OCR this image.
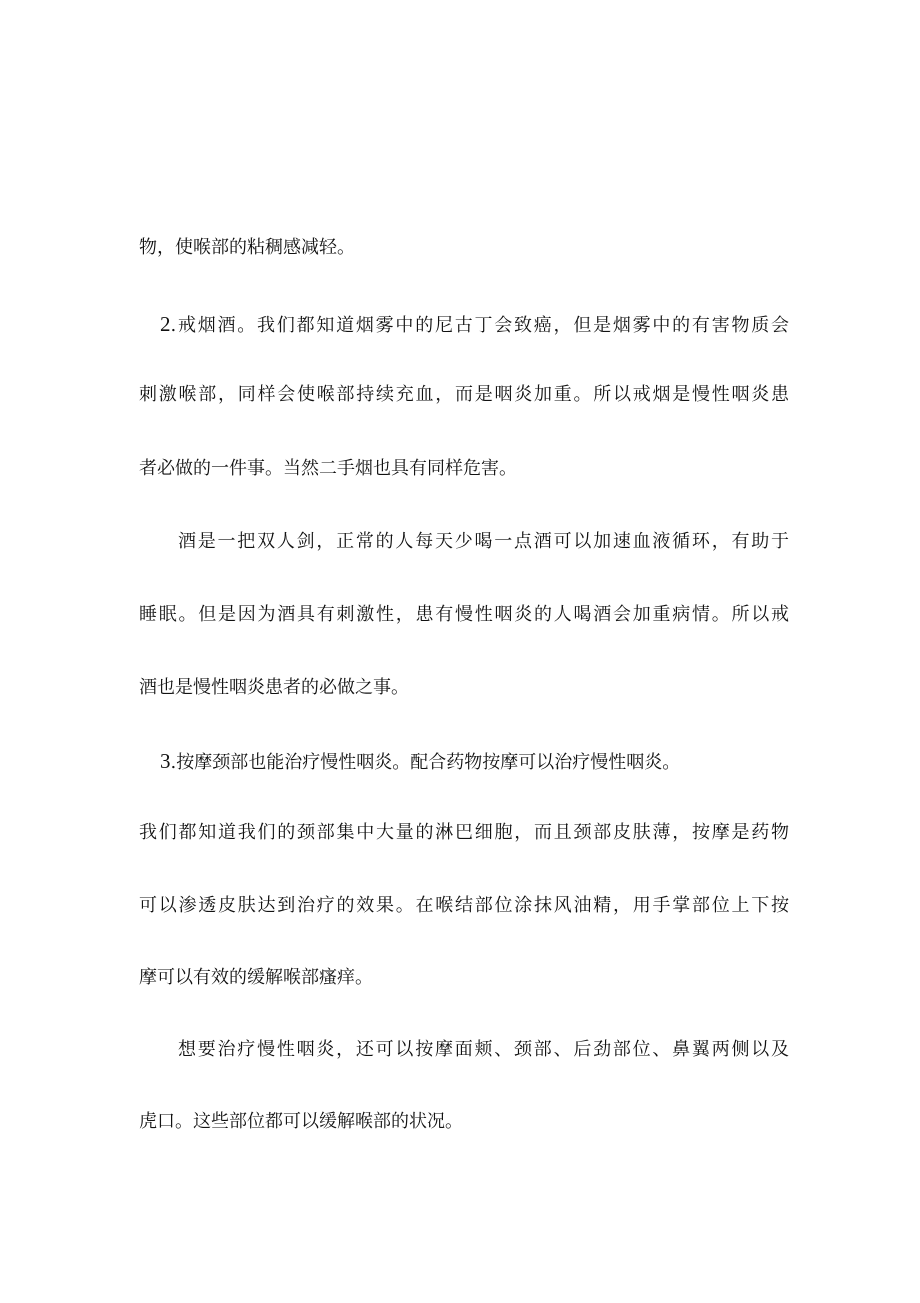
物，使喉部的粘稠感减轻。
2.戒烟酒。我们都知道烟雾中的尼古丁会致癌，但是烟雾中的有害物质会
刺激喉部，同样会使喉部持续充血，而是咽炎加重。所以戒烟是慢性咽炎患
者必做的一件事。当然二手烟也具有同样危害。
酒是一把双人剑，正常的人每天少喝一点酒可以加速血液循环，有助于
睡眠。但是因为酒具有刺激性，患有慢性咽炎的人喝酒会加重病情。所以戒
酒也是慢性咽炎患者的必做之事。
3.按摩颈部也能治疗慢性咽炎。配合药物按摩可以治疗慢性咽炎。
我们都知道我们的颈部集中大量的淋巴细胞，而且颈部皮肤薄，按摩是药物
可以渗透皮肤达到治疗的效果。在喉结部位涂抹风油精，用手掌部位上下按
摩可以有效的缓解喉部瘙痒。
想要治疗慢性咽炎，还可以按摩面颊、颈部、后劲部位、鼻翼两侧以及
虎口。这些部位都可以缓解喉部的状况。
